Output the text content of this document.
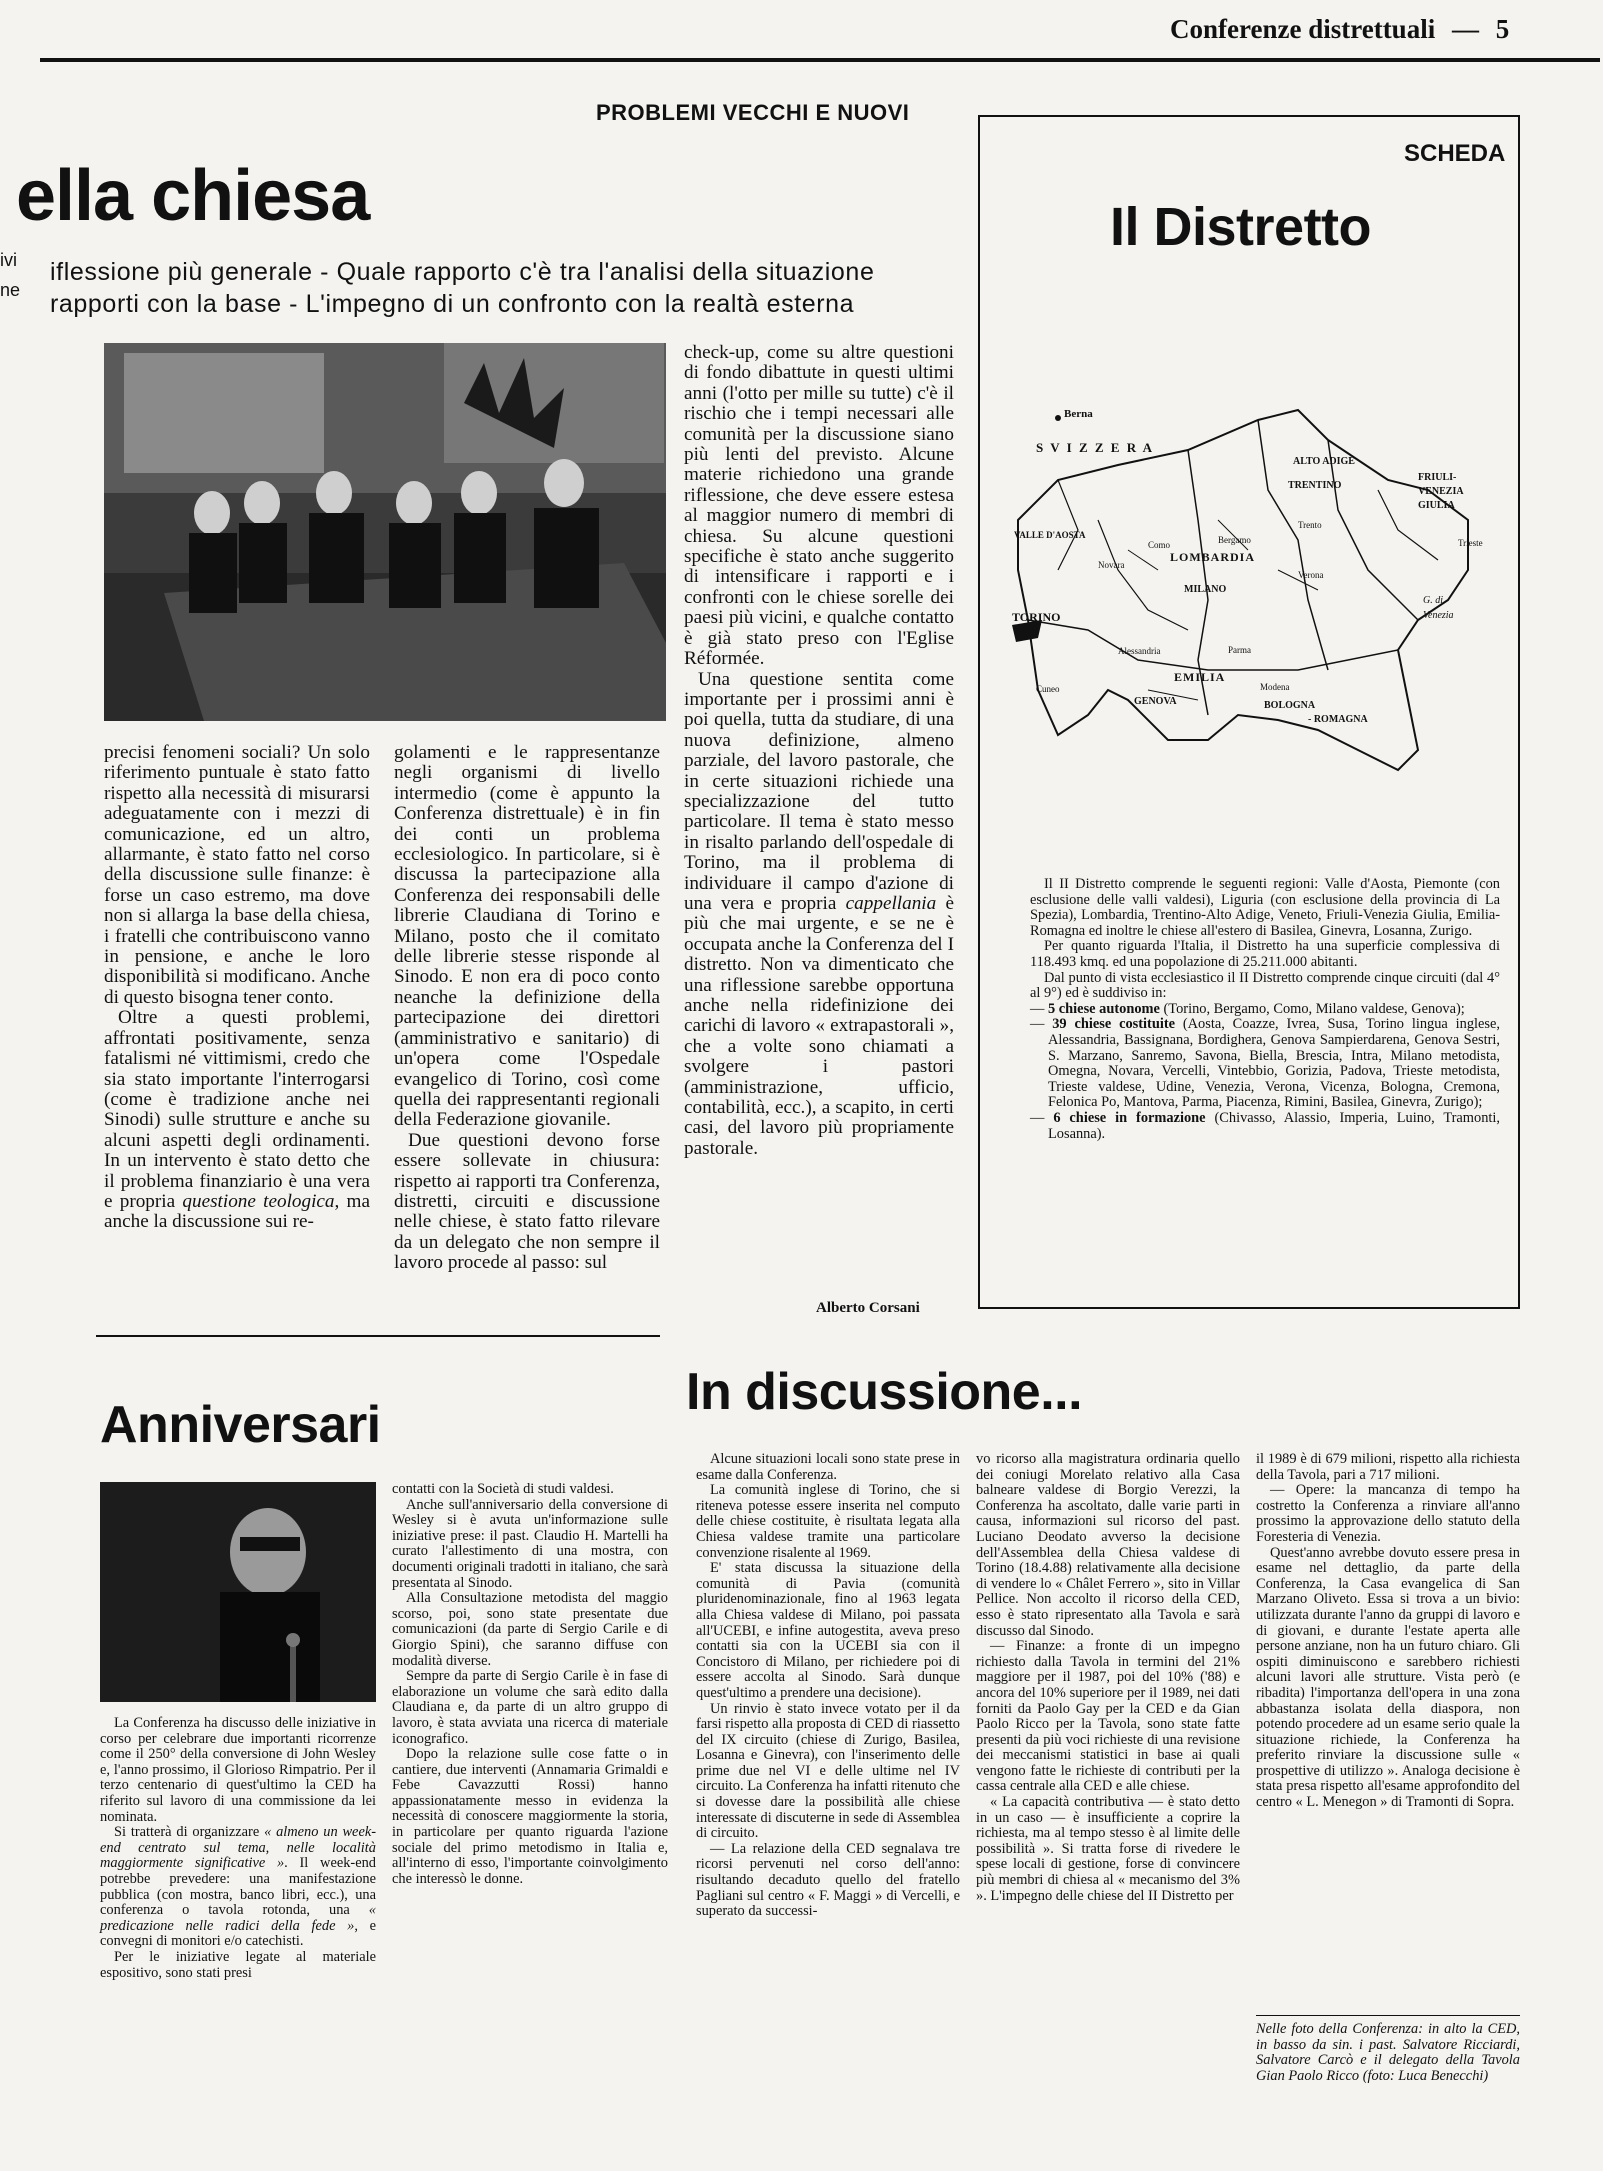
Conferenze distrettuali — 5
PROBLEMI VECCHI E NUOVI
ella chiesa
ivi
ne
iflessione più generale - Quale rapporto c'è tra l'analisi della situazione
rapporti con la base - L'impegno di un confronto con la realtà esterna

precisi fenomeni sociali? Un solo riferimento puntuale è stato fatto rispetto alla necessità di misurarsi adeguatamente con i mezzi di comunicazione, ed un altro, allarmante, è stato fatto nel corso della discussione sulle finanze: è forse un caso estremo, ma dove non si allarga la base della chiesa, i fratelli che contribuiscono vanno in pensione, e anche le loro disponibilità si modificano. Anche di questo bisogna tener conto.

Oltre a questi problemi, affrontati positivamente, senza fatalismi né vittimismi, credo che sia stato importante l'interrogarsi (come è tradizione anche nei Sinodi) sulle strutture e anche su alcuni aspetti degli ordinamenti. In un intervento è stato detto che il problema finanziario è una vera e propria questione teologica, ma anche la discussione sui re-

golamenti e le rappresentanze negli organismi di livello intermedio (come è appunto la Conferenza distrettuale) è in fin dei conti un problema ecclesiologico. In particolare, si è discussa la partecipazione alla Conferenza dei responsabili delle librerie Claudiana di Torino e Milano, posto che il comitato delle librerie stesse risponde al Sinodo. E non era di poco conto neanche la definizione della partecipazione dei direttori (amministrativo e sanitario) di un'opera come l'Ospedale evangelico di Torino, così come quella dei rappresentanti regionali della Federazione giovanile.

Due questioni devono forse essere sollevate in chiusura: rispetto ai rapporti tra Conferenza, distretti, circuiti e discussione nelle chiese, è stato fatto rilevare da un delegato che non sempre il lavoro procede al passo: sul

check-up, come su altre questioni di fondo dibattute in questi ultimi anni (l'otto per mille su tutte) c'è il rischio che i tempi necessari alle comunità per la discussione siano più lenti del previsto. Alcune materie richiedono una grande riflessione, che deve essere estesa al maggior numero di membri di chiesa. Su alcune questioni specifiche è stato anche suggerito di intensificare i rapporti e i confronti con le chiese sorelle dei paesi più vicini, e qualche contatto è già stato preso con l'Eglise Réformée.

Una questione sentita come importante per i prossimi anni è poi quella, tutta da studiare, di una nuova definizione, almeno parziale, del lavoro pastorale, che in certe situazioni richiede una specializzazione del tutto particolare. Il tema è stato messo in risalto parlando dell'ospedale di Torino, ma il problema di individuare il campo d'azione di una vera e propria cappellania è più che mai urgente, e se ne è occupata anche la Conferenza del I distretto. Non va dimenticato che una riflessione sarebbe opportuna anche nella ridefinizione dei carichi di lavoro « extrapastorali », che a volte sono chiamati a svolgere i pastori (amministrazione, ufficio, contabilità, ecc.), a scapito, in certi casi, del lavoro più propriamente pastorale.

Alberto Corsani
SCHEDA
Il Distretto
Berna
S V I Z Z E R A
ALTO ADIGE
TRENTINO
FRIULI-
VENEZIA
GIULIA
VALLE D'AOSTA
LOMBARDIA
MILANO
TORINO
EMILIA
BOLOGNA
- ROMAGNA
GENOVA
G. di
Venezia
Bergamo
Como
Verona
Trento
Parma
Modena
Alessandria
Cuneo
Novara
Trieste

Il II Distretto comprende le seguenti regioni: Valle d'Aosta, Piemonte (con esclusione delle valli valdesi), Liguria (con esclusione della provincia di La Spezia), Lombardia, Trentino-Alto Adige, Veneto, Friuli-Venezia Giulia, Emilia-Romagna ed inoltre le chiese all'estero di Basilea, Ginevra, Losanna, Zurigo.

Per quanto riguarda l'Italia, il Distretto ha una superficie complessiva di 118.493 kmq. ed una popolazione di 25.211.000 abitanti.

Dal punto di vista ecclesiastico il II Distretto comprende cinque circuiti (dal 4° al 9°) ed è suddiviso in:

— 5 chiese autonome (Torino, Bergamo, Como, Milano valdese, Genova);
— 39 chiese costituite (Aosta, Coazze, Ivrea, Susa, Torino lingua inglese, Alessandria, Bassignana, Bordighera, Genova Sampierdarena, Genova Sestri, S. Marzano, Sanremo, Savona, Biella, Brescia, Intra, Milano metodista, Omegna, Novara, Vercelli, Vintebbio, Gorizia, Padova, Trieste metodista, Trieste valdese, Udine, Venezia, Verona, Vicenza, Bologna, Cremona, Felonica Po, Mantova, Parma, Piacenza, Rimini, Basilea, Ginevra, Zurigo);
— 6 chiese in formazione (Chivasso, Alassio, Imperia, Luino, Tramonti, Losanna).
Anniversari

La Conferenza ha discusso delle iniziative in corso per celebrare due importanti ricorrenze come il 250° della conversione di John Wesley e, l'anno prossimo, il Glorioso Rimpatrio. Per il terzo centenario di quest'ultimo la CED ha riferito sul lavoro di una commissione da lei nominata.

Si tratterà di organizzare « almeno un week-end centrato sul tema, nelle località maggiormente significative ». Il week-end potrebbe prevedere: una manifestazione pubblica (con mostra, banco libri, ecc.), una conferenza o tavola rotonda, una « predicazione nelle radici della fede », e convegni di monitori e/o catechisti.

Per le iniziative legate al materiale espositivo, sono stati presi

contatti con la Società di studi valdesi.

Anche sull'anniversario della conversione di Wesley si è avuta un'informazione sulle iniziative prese: il past. Claudio H. Martelli ha curato l'allestimento di una mostra, con documenti originali tradotti in italiano, che sarà presentata al Sinodo.

Alla Consultazione metodista del maggio scorso, poi, sono state presentate due comunicazioni (da parte di Sergio Carile e di Giorgio Spini), che saranno diffuse con modalità diverse.

Sempre da parte di Sergio Carile è in fase di elaborazione un volume che sarà edito dalla Claudiana e, da parte di un altro gruppo di lavoro, è stata avviata una ricerca di materiale iconografico.

Dopo la relazione sulle cose fatte o in cantiere, due interventi (Annamaria Grimaldi e Febe Cavazzutti Rossi) hanno appassionatamente messo in evidenza la necessità di conoscere maggiormente la storia, in particolare per quanto riguarda l'azione sociale del primo metodismo in Italia e, all'interno di esso, l'importante coinvolgimento che interessò le donne.

In discussione...

Alcune situazioni locali sono state prese in esame dalla Conferenza.

La comunità inglese di Torino, che si riteneva potesse essere inserita nel computo delle chiese costituite, è risultata legata alla Chiesa valdese tramite una particolare convenzione risalente al 1969.

E' stata discussa la situazione della comunità di Pavia (comunità pluridenominazionale, fino al 1963 legata alla Chiesa valdese di Milano, poi passata all'UCEBI, e infine autogestita, aveva preso contatti sia con la UCEBI sia con il Concistoro di Milano, per richiedere poi di essere accolta al Sinodo. Sarà dunque quest'ultimo a prendere una decisione).

Un rinvio è stato invece votato per il da farsi rispetto alla proposta di CED di riassetto del IX circuito (chiese di Zurigo, Basilea, Losanna e Ginevra), con l'inserimento delle prime due nel VI e delle ultime nel IV circuito. La Conferenza ha infatti ritenuto che si dovesse dare la possibilità alle chiese interessate di discuterne in sede di Assemblea di circuito.

— La relazione della CED segnalava tre ricorsi pervenuti nel corso dell'anno: risultando decaduto quello del fratello Pagliani sul centro « F. Maggi » di Vercelli, e superato da successi-

vo ricorso alla magistratura ordinaria quello dei coniugi Morelato relativo alla Casa balneare valdese di Borgio Verezzi, la Conferenza ha ascoltato, dalle varie parti in causa, informazioni sul ricorso del past. Luciano Deodato avverso la decisione dell'Assemblea della Chiesa valdese di Torino (18.4.88) relativamente alla decisione di vendere lo « Châlet Ferrero », sito in Villar Pellice. Non accolto il ricorso della CED, esso è stato ripresentato alla Tavola e sarà discusso dal Sinodo.

— Finanze: a fronte di un impegno richiesto dalla Tavola in termini del 21% maggiore per il 1987, poi del 10% ('88) e ancora del 10% superiore per il 1989, nei dati forniti da Paolo Gay per la CED e da Gian Paolo Ricco per la Tavola, sono state fatte presenti da più voci richieste di una revisione dei meccanismi statistici in base ai quali vengono fatte le richieste di contributi per la cassa centrale alla CED e alle chiese.

« La capacità contributiva — è stato detto in un caso — è insufficiente a coprire la richiesta, ma al tempo stesso è al limite delle possibilità ». Si tratta forse di rivedere le spese locali di gestione, forse di convincere più membri di chiesa al « mecanismo del 3% ». L'impegno delle chiese del II Distretto per

il 1989 è di 679 milioni, rispetto alla richiesta della Tavola, pari a 717 milioni.

— Opere: la mancanza di tempo ha costretto la Conferenza a rinviare all'anno prossimo la approvazione dello statuto della Foresteria di Venezia.

Quest'anno avrebbe dovuto essere presa in esame nel dettaglio, da parte della Conferenza, la Casa evangelica di San Marzano Oliveto. Essa si trova a un bivio: utilizzata durante l'anno da gruppi di lavoro e di giovani, e durante l'estate aperta alle persone anziane, non ha un futuro chiaro. Gli ospiti diminuiscono e sarebbero richiesti alcuni lavori alle strutture. Vista però (e ribadita) l'importanza dell'opera in una zona abbastanza isolata della diaspora, non potendo procedere ad un esame serio quale la situazione richiede, la Conferenza ha preferito rinviare la discussione sulle « prospettive di utilizzo ». Analoga decisione è stata presa rispetto all'esame approfondito del centro « L. Menegon » di Tramonti di Sopra.

Nelle foto della Conferenza: in alto la CED, in basso da sin. i past. Salvatore Ricciardi, Salvatore Carcò e il delegato della Tavola Gian Paolo Ricco (foto: Luca Benecchi)
